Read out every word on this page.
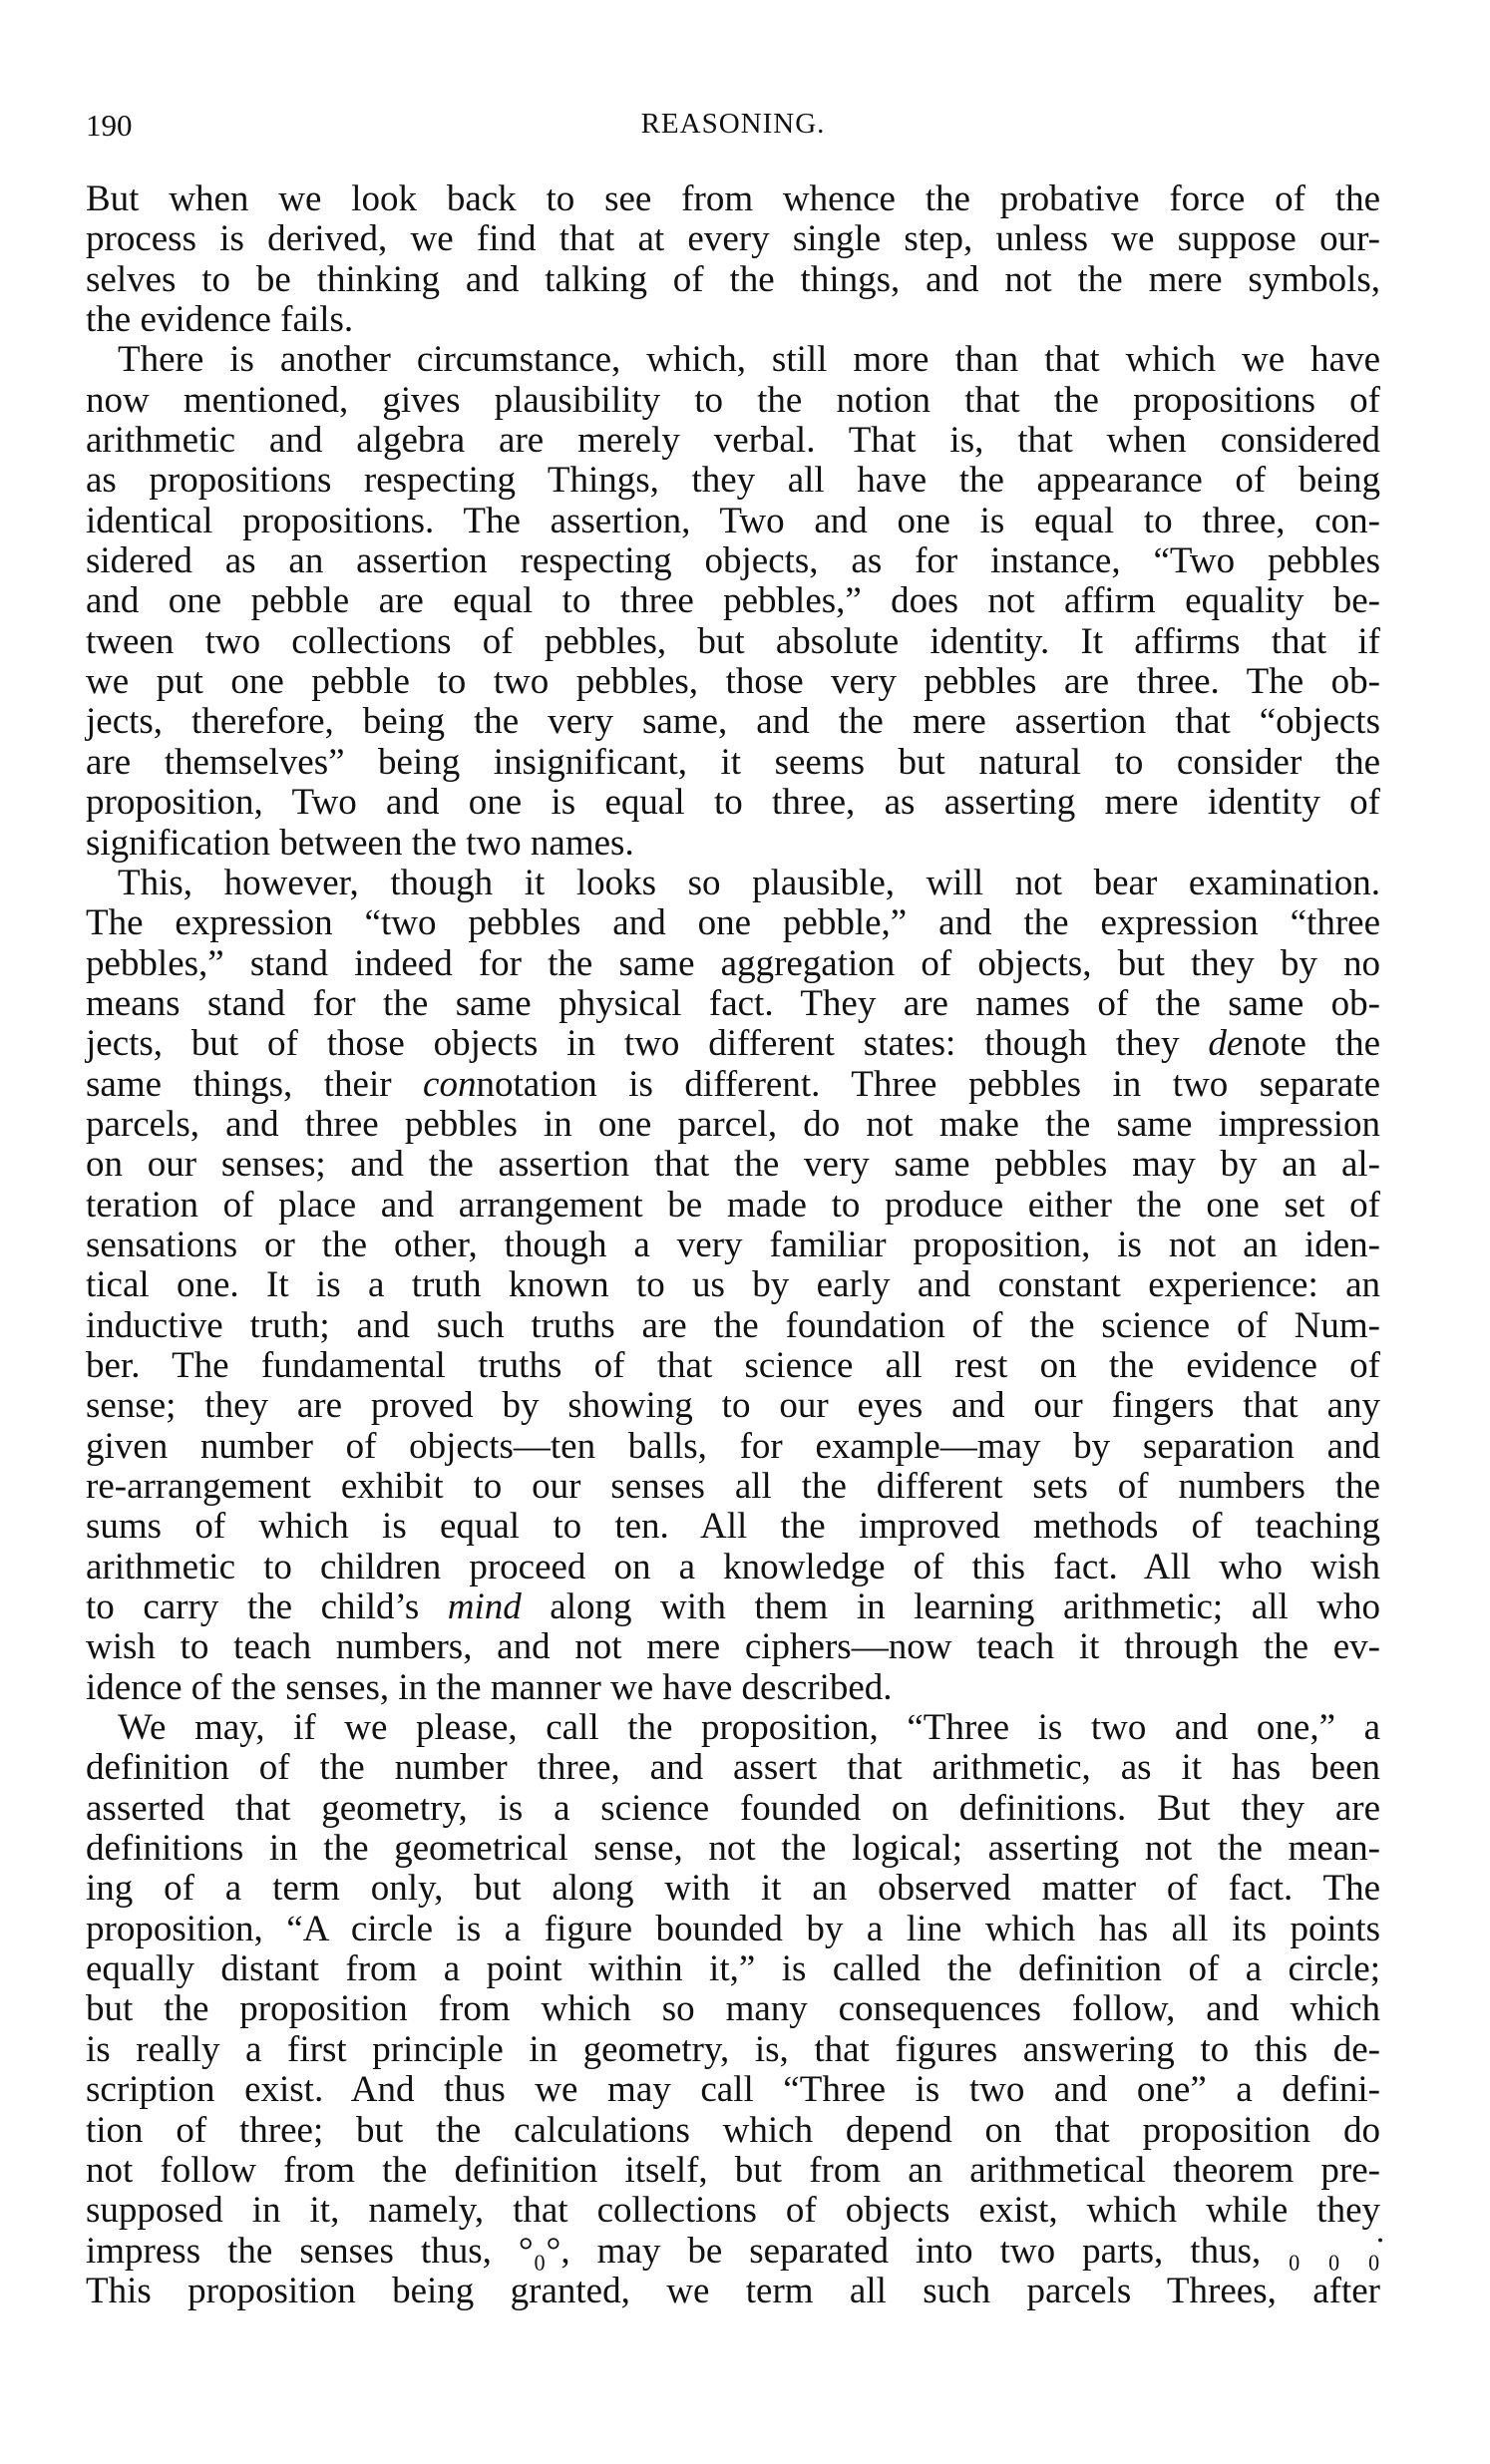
190	REASONING.
But when we look back to see from whence the probative force of the
process is derived, we find that at every single step, unless we suppose our-
selves to be thinking and talking of the things, and not the mere symbols,
the evidence fails.
There is another circumstance, which, still more than that which we have
now mentioned, gives plausibility to the notion that the propositions of
arithmetic and algebra are merely verbal. That is, that when considered
as propositions respecting Things, they all have the appearance of being
identical propositions. The assertion, Two and one is equal to three, con-
sidered as an assertion respecting objects, as for instance, “Two pebbles
and one pebble are equal to three pebbles,” does not affirm equality be-
tween two collections of pebbles, but absolute identity. It affirms that if
we put one pebble to two pebbles, those very pebbles are three. The ob-
jects, therefore, being the very same, and the mere assertion that “objects
are themselves” being insignificant, it seems but natural to consider the
proposition, Two and one is equal to three, as asserting mere identity of
signification between the two names.
This, however, though it looks so plausible, will not bear examination.
The expression “two pebbles and one pebble,” and the expression “three
pebbles,” stand indeed for the same aggregation of objects, but they by no
means stand for the same physical fact. They are names of the same ob-
jects, but of those objects in two different states: though they denote the
same things, their connotation is different. Three pebbles in two separate
parcels, and three pebbles in one parcel, do not make the same impression
on our senses; and the assertion that the very same pebbles may by an al-
teration of place and arrangement be made to produce either the one set of
sensations or the other, though a very familiar proposition, is not an iden-
tical one. It is a truth known to us by early and constant experience: an
inductive truth; and such truths are the foundation of the science of Num-
ber. The fundamental truths of that science all rest on the evidence of
sense; they are proved by showing to our eyes and our fingers that any
given number of objects—ten balls, for example—may by separation and
re-arrangement exhibit to our senses all the different sets of numbers the
sums of which is equal to ten. All the improved methods of teaching
arithmetic to children proceed on a knowledge of this fact. All who wish
to carry the child’s mind along with them in learning arithmetic; all who
wish to teach numbers, and not mere ciphers—now teach it through the ev-
idence of the senses, in the manner we have described.
We may, if we please, call the proposition, “Three is two and one,” a
definition of the number three, and assert that arithmetic, as it has been
asserted that geometry, is a science founded on definitions. But they are
definitions in the geometrical sense, not the logical; asserting not the mean-
ing of a term only, but along with it an observed matter of fact. The
proposition, “A circle is a figure bounded by a line which has all its points
equally distant from a point within it,” is called the definition of a circle;
but the proposition from which so many consequences follow, and which
is really a first principle in geometry, is, that figures answering to this de-
scription exist. And thus we may call “Three is two and one” a defini-
tion of three; but the calculations which depend on that proposition do
not follow from the definition itself, but from an arithmetical theorem pre-
supposed in it, namely, that collections of objects exist, which while they
impress the senses thus, °₀°, may be separated into two parts, thus, ₀ ₀ ₀̇
This proposition being granted, we term all such parcels Threes, after
